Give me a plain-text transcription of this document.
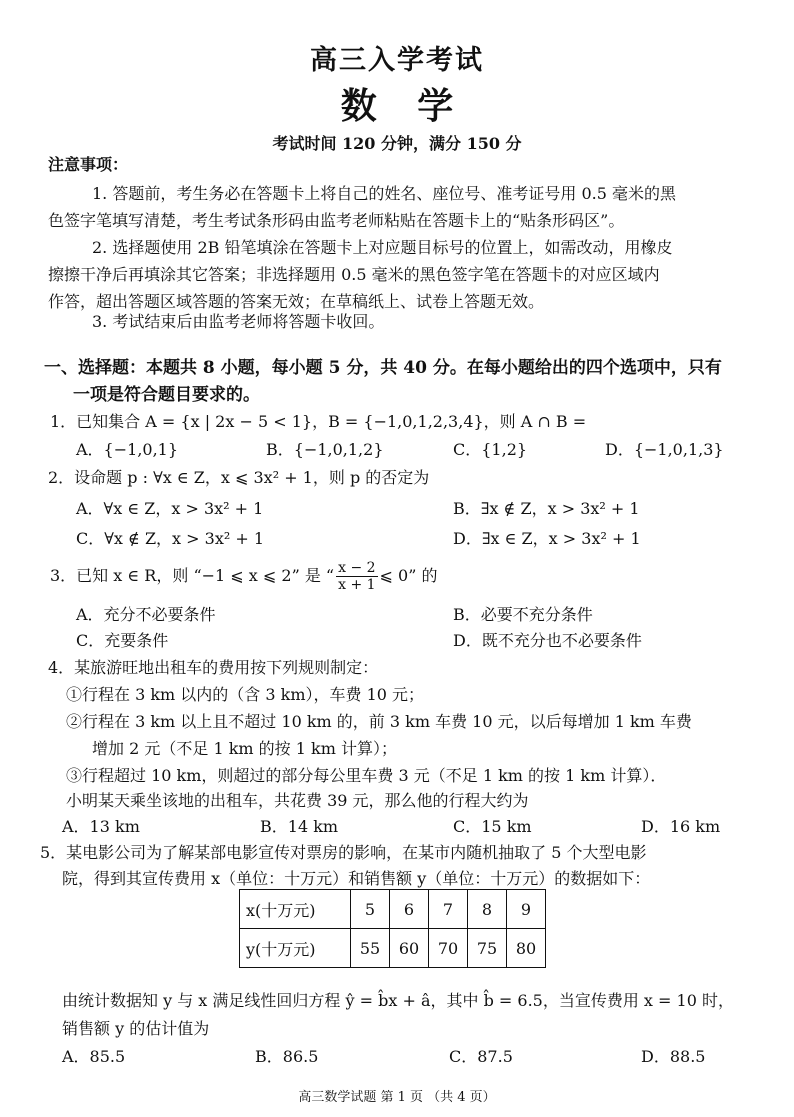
高三入学考试
数 学
考试时间 120 分钟，满分 150 分
注意事项：
1. 答题前，考生务必在答题卡上将自己的姓名、座位号、准考证号用 0.5 毫米的黑
色签字笔填写清楚，考生考试条形码由监考老师粘贴在答题卡上的“贴条形码区”。
2. 选择题使用 2B 铅笔填涂在答题卡上对应题目标号的位置上，如需改动，用橡皮
擦擦干净后再填涂其它答案；非选择题用 0.5 毫米的黑色签字笔在答题卡的对应区域内
作答，超出答题区域答题的答案无效；在草稿纸上、试卷上答题无效。
3. 考试结束后由监考老师将答题卡收回。
一、选择题：本题共 8 小题，每小题 5 分，共 40 分。在每小题给出的四个选项中，只有
一项是符合题目要求的。
1．已知集合 A = {x | 2x − 5 < 1}，B = {−1,0,1,2,3,4}，则 A ∩ B =
A．{−1,0,1}	B．{−1,0,1,2}	C．{1,2}	D．{−1,0,1,3}
2．设命题 p : ∀x ∈ Z，x ⩽ 3x² + 1，则 p 的否定为
A．∀x ∈ Z，x > 3x² + 1	B．∃x ∉ Z，x > 3x² + 1
C．∀x ∉ Z，x > 3x² + 1	D．∃x ∈ Z，x > 3x² + 1
3．已知 x ∈ R，则 “−1 ⩽ x ⩽ 2” 是 “ $\frac{x - 2}{x + 1}$ ⩽ 0” 的
A．充分不必要条件	B．必要不充分条件
C．充要条件	D．既不充分也不必要条件
4．某旅游旺地出租车的费用按下列规则制定：
①行程在 3 km 以内的（含 3 km），车费 10 元；
②行程在 3 km 以上且不超过 10 km 的，前 3 km 车费 10 元，以后每增加 1 km 车费
增加 2 元（不足 1 km 的按 1 km 计算）；
③行程超过 10 km，则超过的部分每公里车费 3 元（不足 1 km 的按 1 km 计算）．
小明某天乘坐该地的出租车，共花费 39 元，那么他的行程大约为
A．13 km	B．14 km	C．15 km	D．16 km
5．某电影公司为了解某部电影宣传对票房的影响，在某市内随机抽取了 5 个大型电影
院，得到其宣传费用 x（单位：十万元）和销售额 y（单位：十万元）的数据如下：
x(十万元)	5	6	7	8	9
y(十万元)	55	60	70	75	80
由统计数据知 y 与 x 满足线性回归方程 ŷ = b̂x + â，其中 b̂ = 6.5，当宣传费用 x = 10 时，
销售额 y 的估计值为
A．85.5	B．86.5	C．87.5	D．88.5
高三数学试题 第 1 页 （共 4 页）
